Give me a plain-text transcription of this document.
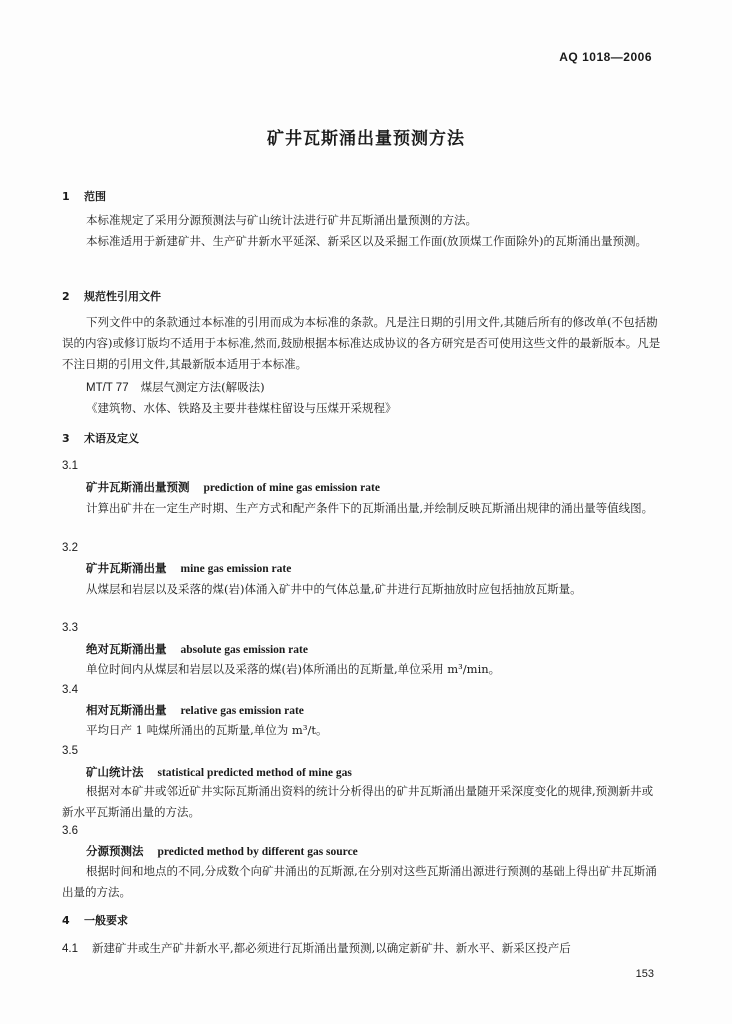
AQ 1018—2006
矿井瓦斯涌出量预测方法
1 范围
本标准规定了采用分源预测法与矿山统计法进行矿井瓦斯涌出量预测的方法。
本标准适用于新建矿井、生产矿井新水平延深、新采区以及采掘工作面(放顶煤工作面除外)的瓦斯涌出量预测。
2 规范性引用文件
下列文件中的条款通过本标准的引用而成为本标准的条款。凡是注日期的引用文件,其随后所有的修改单(不包括勘误的内容)或修订版均不适用于本标准,然而,鼓励根据本标准达成协议的各方研究是否可使用这些文件的最新版本。凡是不注日期的引用文件,其最新版本适用于本标准。
MT/T 77 煤层气测定方法(解吸法)
《建筑物、水体、铁路及主要井巷煤柱留设与压煤开采规程》
3 术语及定义
3.1
矿井瓦斯涌出量预测 prediction of mine gas emission rate
计算出矿井在一定生产时期、生产方式和配产条件下的瓦斯涌出量,并绘制反映瓦斯涌出规律的涌出量等值线图。
3.2
矿井瓦斯涌出量 mine gas emission rate
从煤层和岩层以及采落的煤(岩)体涌入矿井中的气体总量,矿井进行瓦斯抽放时应包括抽放瓦斯量。
3.3
绝对瓦斯涌出量 absolute gas emission rate
单位时间内从煤层和岩层以及采落的煤(岩)体所涌出的瓦斯量,单位采用 m³/min。
3.4
相对瓦斯涌出量 relative gas emission rate
平均日产 1 吨煤所涌出的瓦斯量,单位为 m³/t。
3.5
矿山统计法 statistical predicted method of mine gas
根据对本矿井或邻近矿井实际瓦斯涌出资料的统计分析得出的矿井瓦斯涌出量随开采深度变化的规律,预测新井或新水平瓦斯涌出量的方法。
3.6
分源预测法 predicted method by different gas source
根据时间和地点的不同,分成数个向矿井涌出的瓦斯源,在分别对这些瓦斯涌出源进行预测的基础上得出矿井瓦斯涌出量的方法。
4 一般要求
4.1 新建矿井或生产矿井新水平,都必须进行瓦斯涌出量预测,以确定新矿井、新水平、新采区投产后
153
